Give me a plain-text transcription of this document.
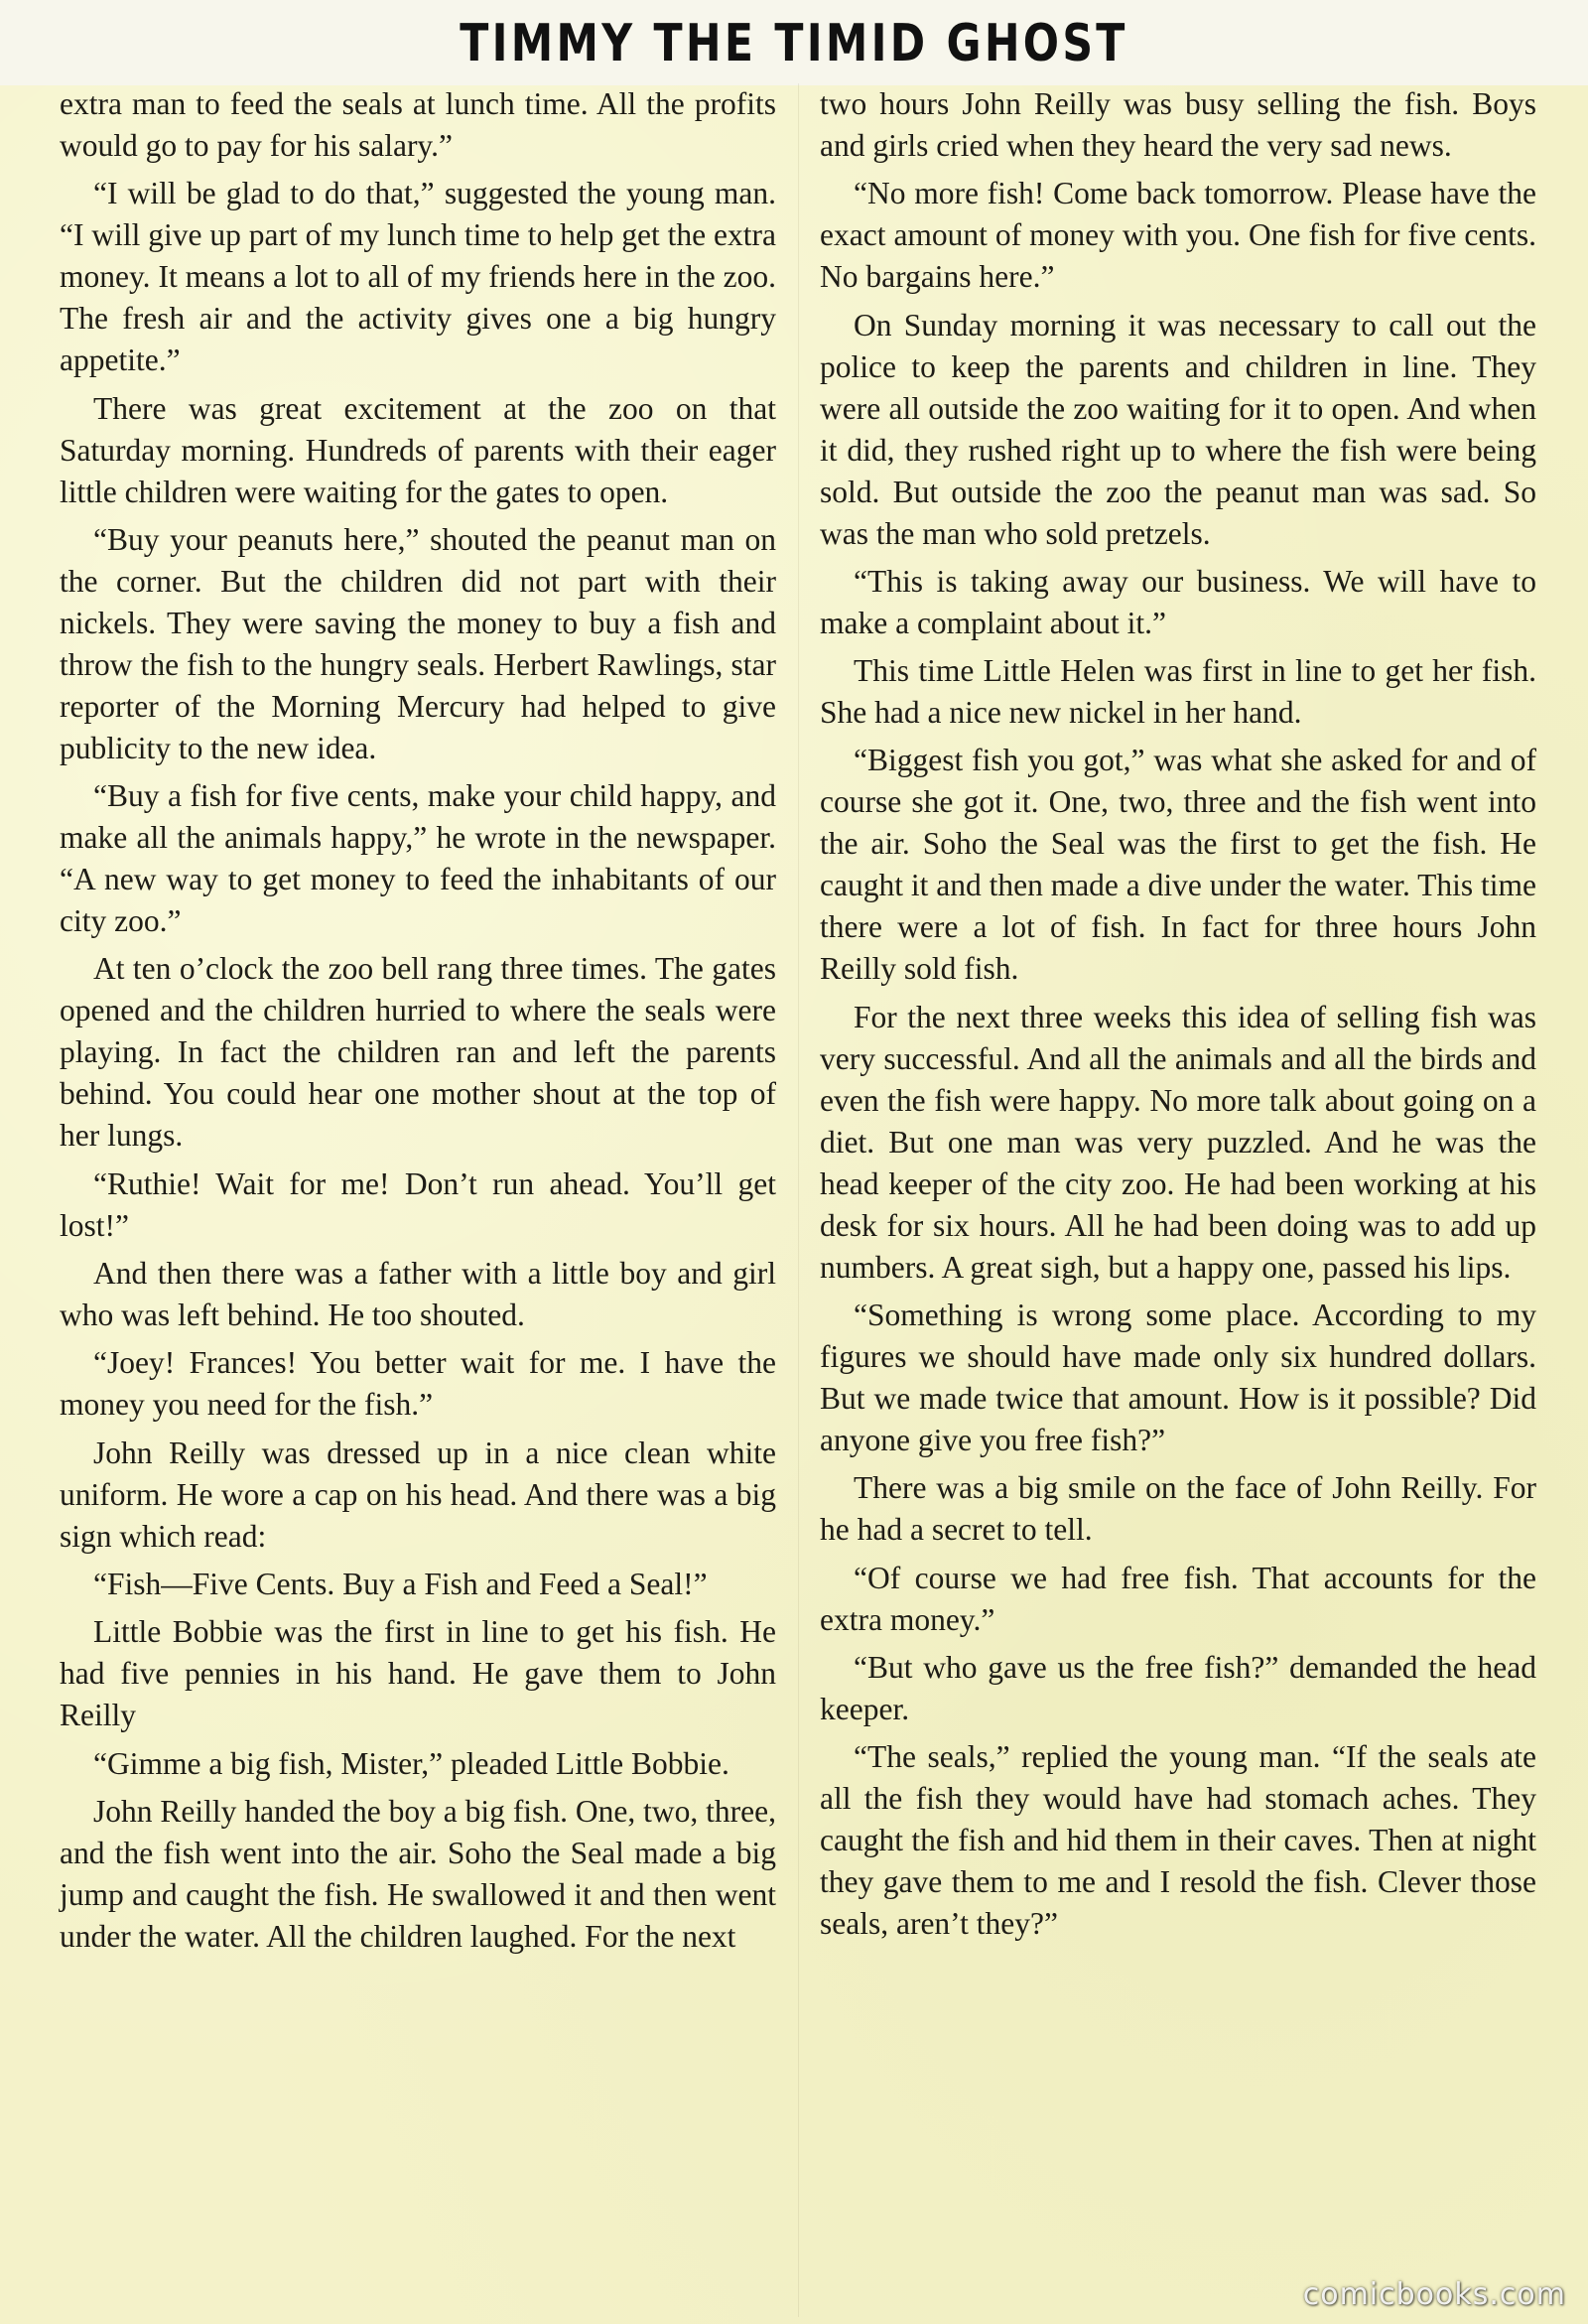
TIMMY THE TIMID GHOST

extra man to feed the seals at lunch time. All the profits would go to pay for his salary.”

“I will be glad to do that,” suggested the young man. “I will give up part of my lunch time to help get the extra money. It means a lot to all of my friends here in the zoo. The fresh air and the activity gives one a big hungry appetite.”

There was great excitement at the zoo on that Saturday morning. Hundreds of parents with their eager little children were waiting for the gates to open.

“Buy your peanuts here,” shouted the peanut man on the corner. But the children did not part with their nickels. They were saving the money to buy a fish and throw the fish to the hungry seals. Herbert Rawlings, star reporter of the Morning Mercury had helped to give publicity to the new idea.

“Buy a fish for five cents, make your child happy, and make all the animals happy,” he wrote in the newspaper. “A new way to get money to feed the inhabitants of our city zoo.”

At ten o’clock the zoo bell rang three times. The gates opened and the children hurried to where the seals were playing. In fact the children ran and left the parents behind. You could hear one mother shout at the top of her lungs.

“Ruthie! Wait for me! Don’t run ahead. You’ll get lost!”

And then there was a father with a little boy and girl who was left behind. He too shouted.

“Joey! Frances! You better wait for me. I have the money you need for the fish.”

John Reilly was dressed up in a nice clean white uniform. He wore a cap on his head. And there was a big sign which read:

“Fish—Five Cents. Buy a Fish and Feed a Seal!”

Little Bobbie was the first in line to get his fish. He had five pennies in his hand. He gave them to John Reilly

“Gimme a big fish, Mister,” pleaded Little Bobbie.

John Reilly handed the boy a big fish. One, two, three, and the fish went into the air. Soho the Seal made a big jump and caught the fish. He swallowed it and then went under the water. All the children laughed. For the next

two hours John Reilly was busy selling the fish. Boys and girls cried when they heard the very sad news.

“No more fish! Come back tomorrow. Please have the exact amount of money with you. One fish for five cents. No bargains here.”

On Sunday morning it was necessary to call out the police to keep the parents and children in line. They were all outside the zoo waiting for it to open. And when it did, they rushed right up to where the fish were being sold. But outside the zoo the peanut man was sad. So was the man who sold pretzels.

“This is taking away our business. We will have to make a complaint about it.”

This time Little Helen was first in line to get her fish. She had a nice new nickel in her hand.

“Biggest fish you got,” was what she asked for and of course she got it. One, two, three and the fish went into the air. Soho the Seal was the first to get the fish. He caught it and then made a dive under the water. This time there were a lot of fish. In fact for three hours John Reilly sold fish.

For the next three weeks this idea of selling fish was very successful. And all the animals and all the birds and even the fish were happy. No more talk about going on a diet. But one man was very puzzled. And he was the head keeper of the city zoo. He had been working at his desk for six hours. All he had been doing was to add up numbers. A great sigh, but a happy one, passed his lips.

“Something is wrong some place. According to my figures we should have made only six hundred dollars. But we made twice that amount. How is it possible? Did anyone give you free fish?”

There was a big smile on the face of John Reilly. For he had a secret to tell.

“Of course we had free fish. That accounts for the extra money.”

“But who gave us the free fish?” demanded the head keeper.

“The seals,” replied the young man. “If the seals ate all the fish they would have had stomach aches. They caught the fish and hid them in their caves. Then at night they gave them to me and I resold the fish. Clever those seals, aren’t they?”

comicbooks.com
